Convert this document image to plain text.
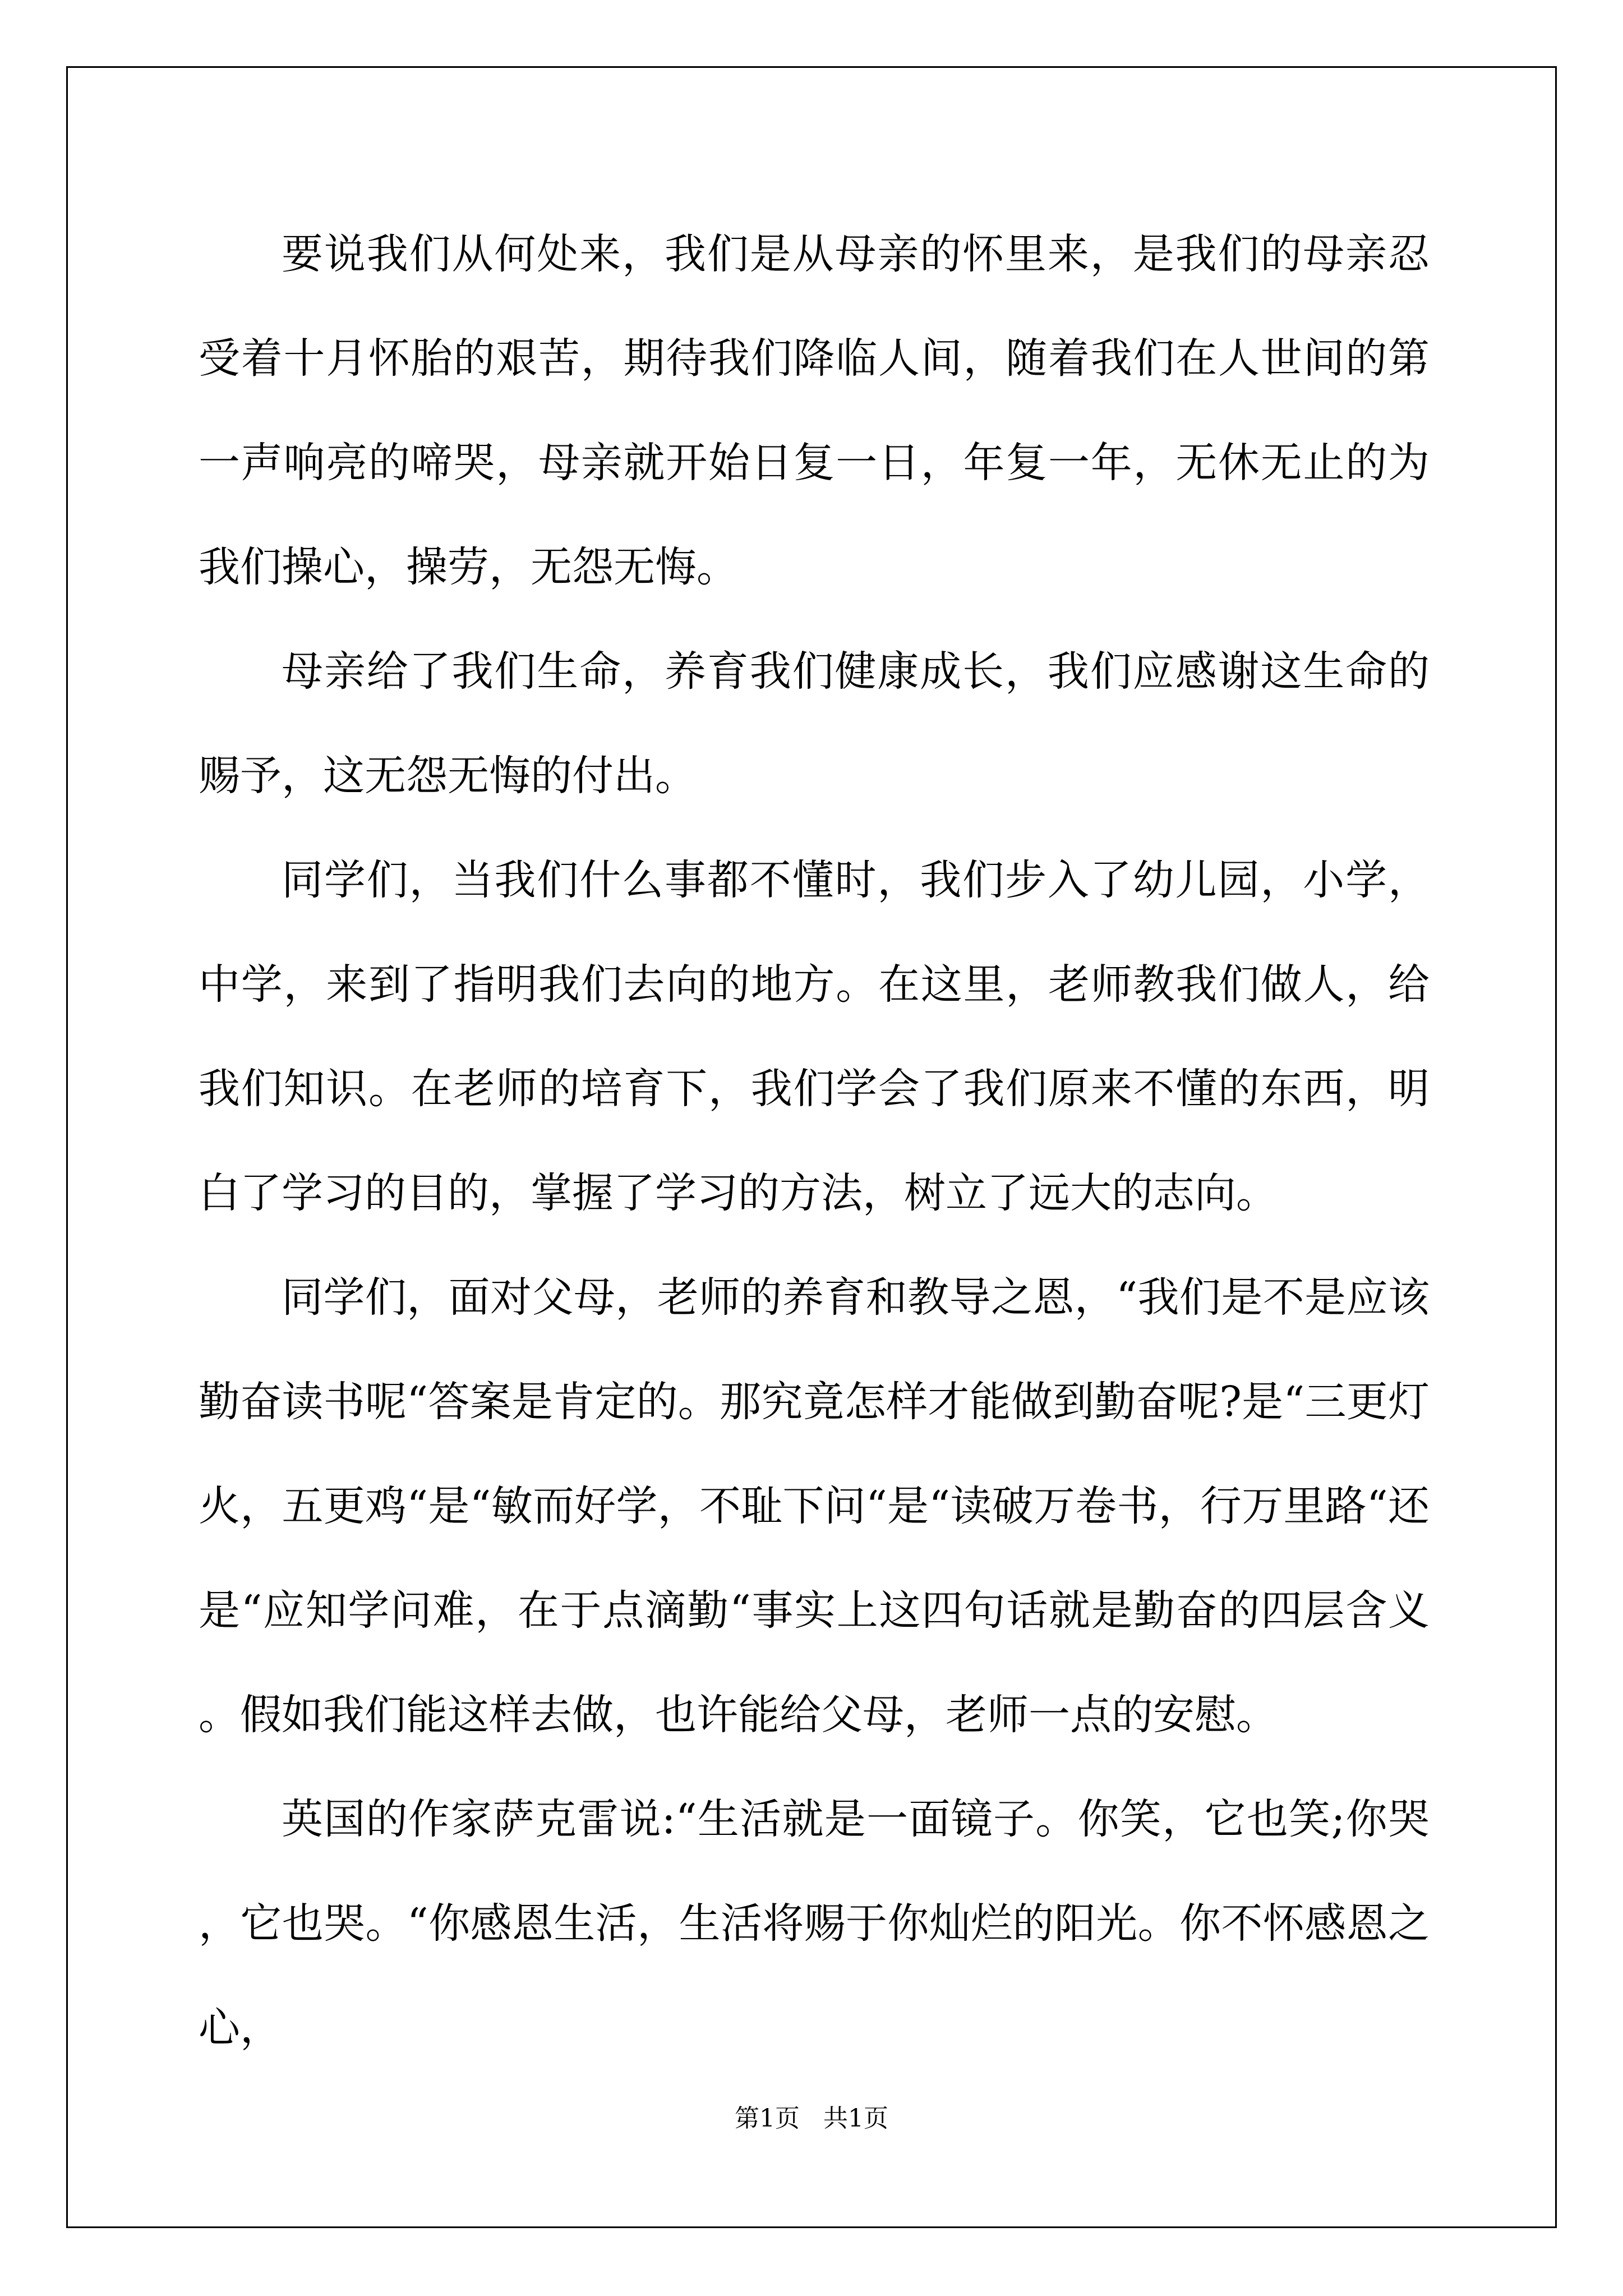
要说我们从何处来，我们是从母亲的怀里来，是我们的母亲忍受着十月怀胎的艰苦，期待我们降临人间，随着我们在人世间的第一声响亮的啼哭，母亲就开始日复一日，年复一年，无休无止的为我们操心，操劳，无怨无悔。

母亲给了我们生命，养育我们健康成长，我们应感谢这生命的赐予，这无怨无悔的付出。

同学们，当我们什么事都不懂时，我们步入了幼儿园，小学，中学，来到了指明我们去向的地方。在这里，老师教我们做人，给我们知识。在老师的培育下，我们学会了我们原来不懂的东西，明白了学习的目的，掌握了学习的方法，树立了远大的志向。

同学们，面对父母，老师的养育和教导之恩，“我们是不是应该勤奋读书呢“答案是肯定的。那究竟怎样才能做到勤奋呢?是“三更灯火，五更鸡“是“敏而好学，不耻下问“是“读破万卷书，行万里路“还是“应知学问难，在于点滴勤“事实上这四句话就是勤奋的四层含义。假如我们能这样去做，也许能给父母，老师一点的安慰。

英国的作家萨克雷说:“生活就是一面镜子。你笑，它也笑;你哭，它也哭。“你感恩生活，生活将赐于你灿烂的阳光。你不怀感恩之心，

第1页   共1页
